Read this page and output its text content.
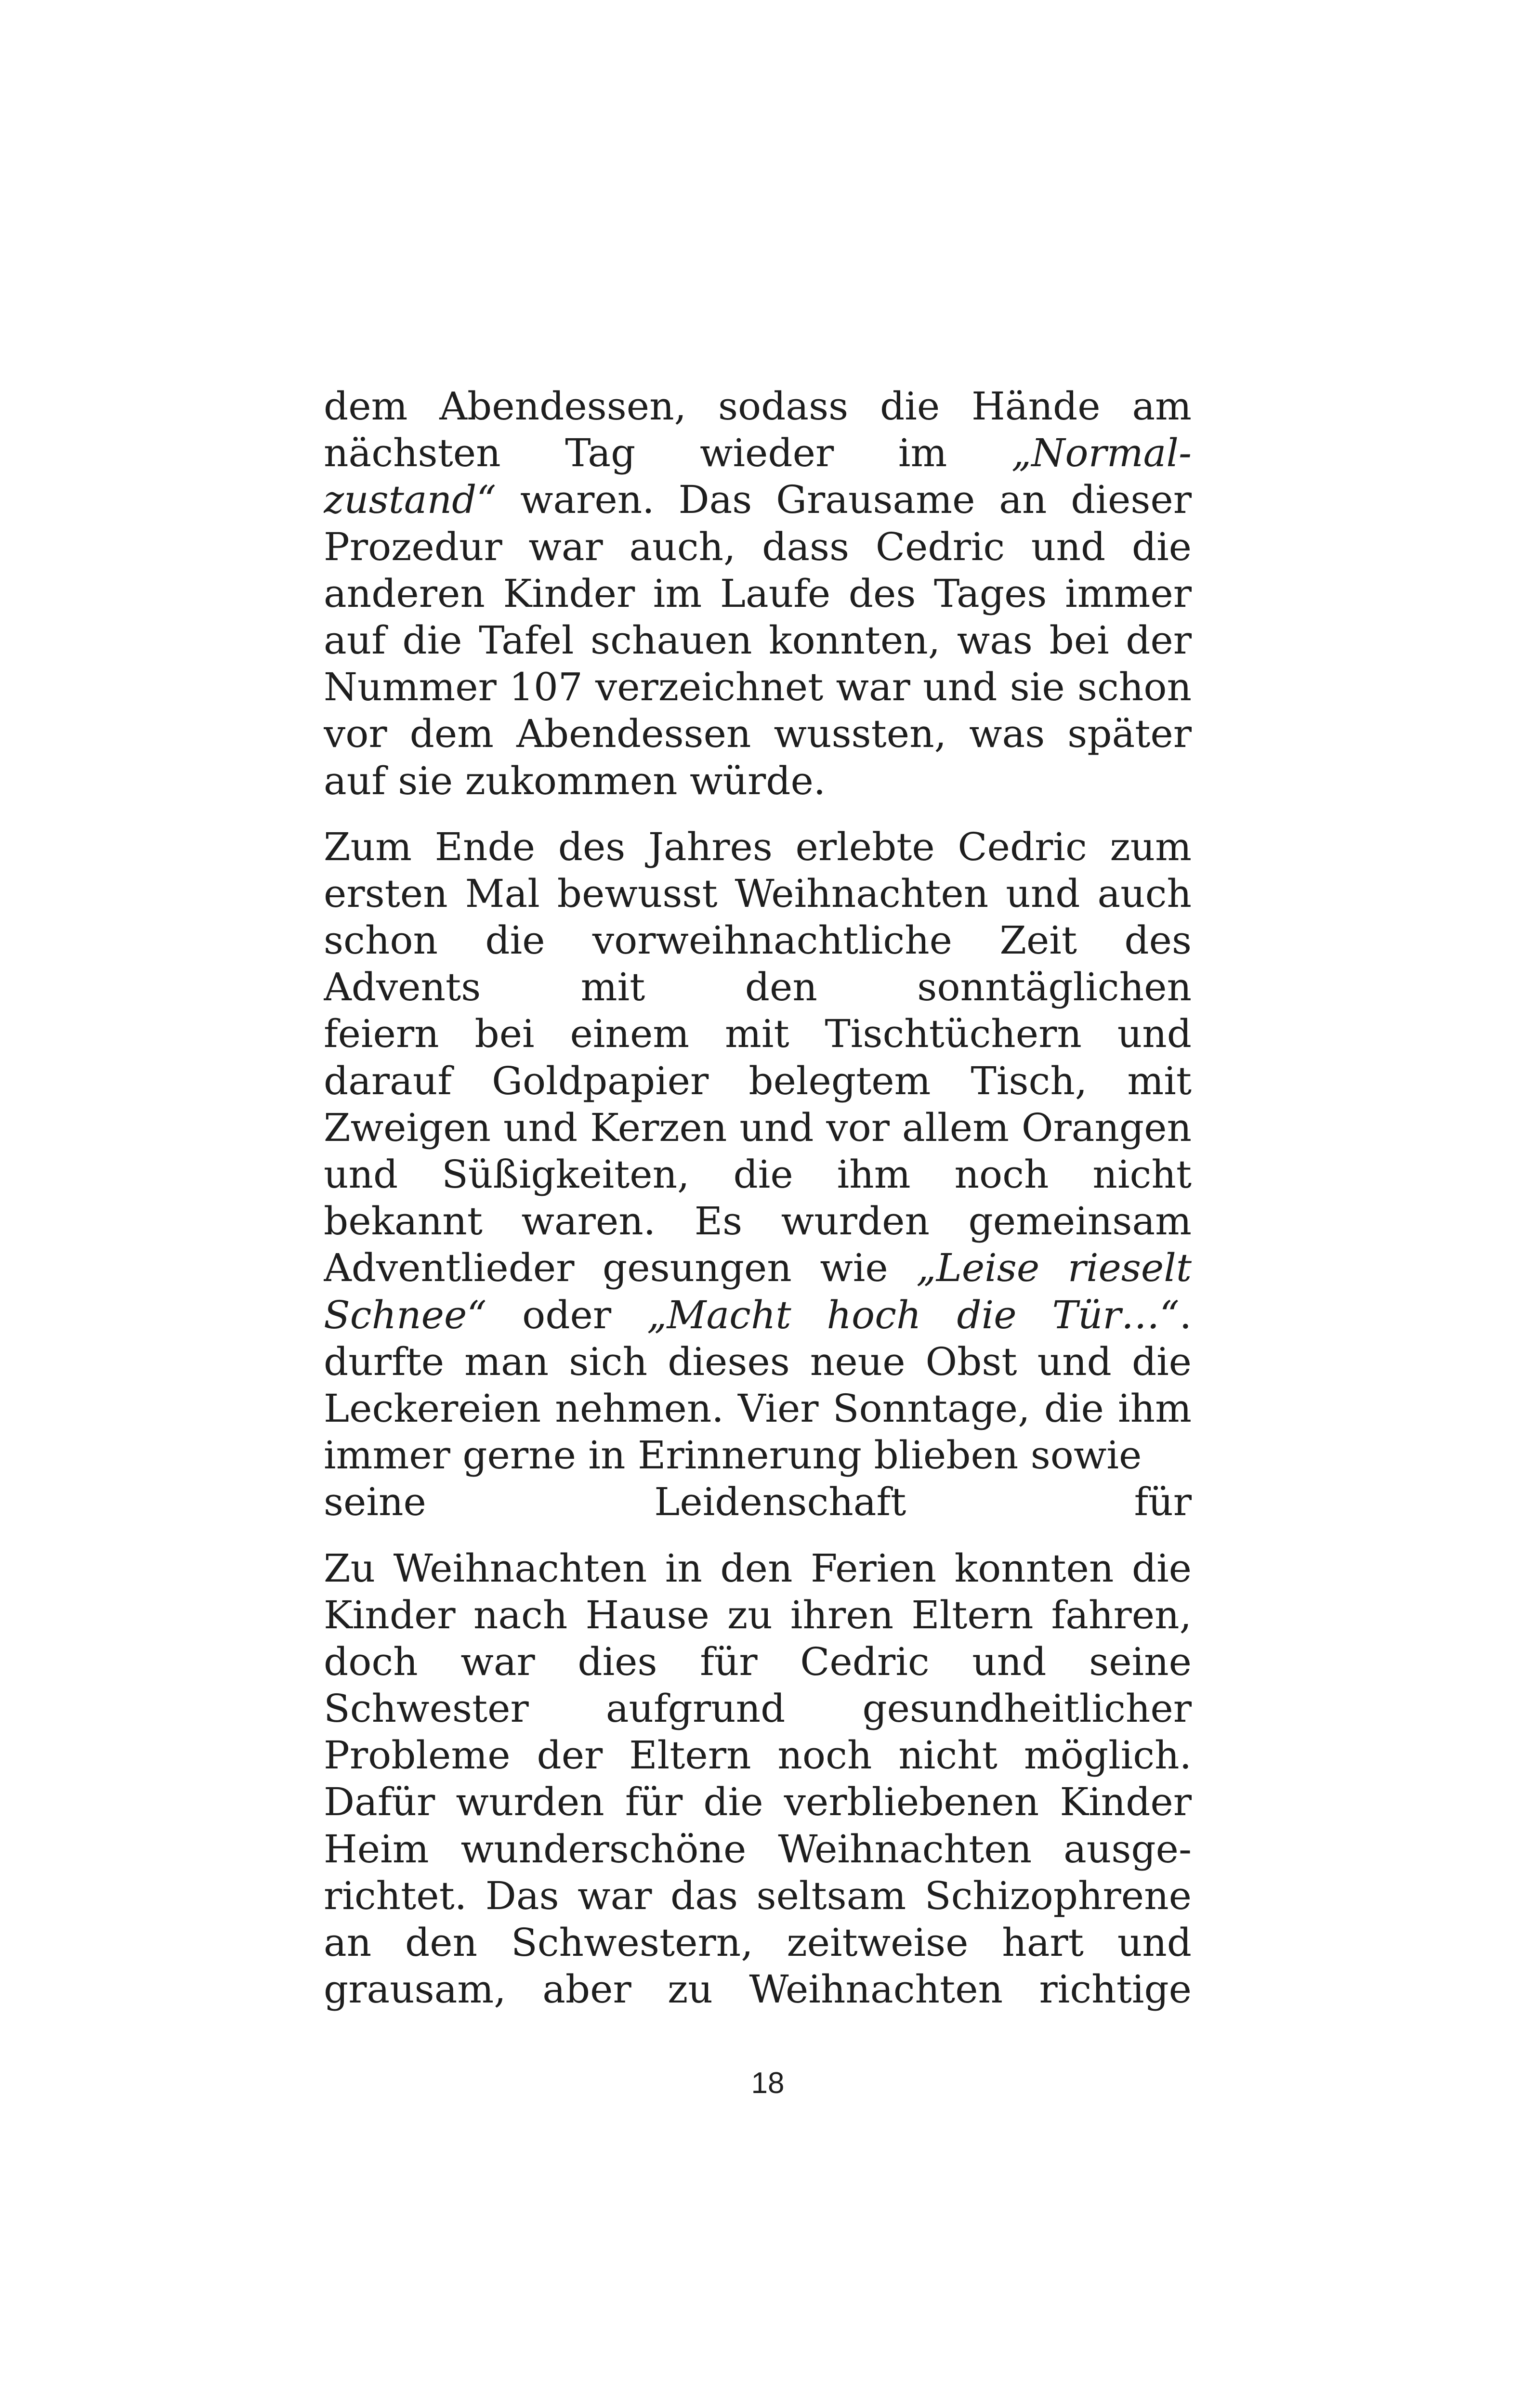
dem Abendessen, sodass die Hände am
nächsten Tag wieder im „Normal-
zustand“ waren. Das Grausame an dieser
Prozedur war auch, dass Cedric und die
anderen Kinder im Laufe des Tages immer
auf die Tafel schauen konnten, was bei der
Nummer 107 verzeichnet war und sie schon
vor dem Abendessen wussten, was später
auf sie zukommen würde.
Zum Ende des Jahres erlebte Cedric zum
ersten Mal bewusst Weihnachten und auch
schon die vorweihnachtliche Zeit des
Advents mit den sonntäglichen
feiern bei einem mit Tischtüchern und
darauf Goldpapier belegtem Tisch, mit
Zweigen und Kerzen und vor allem Orangen
und Süßigkeiten, die ihm noch nicht
bekannt waren. Es wurden gemeinsam
Adventlieder gesungen wie „Leise rieselt
Schnee“ oder „Macht hoch die Tür…“.
durfte man sich dieses neue Obst und die
Leckereien nehmen. Vier Sonntage, die ihm
immer gerne in Erinnerung blieben sowie
seine Leidenschaft für
Zu Weihnachten in den Ferien konnten die
Kinder nach Hause zu ihren Eltern fahren,
doch war dies für Cedric und seine
Schwester aufgrund gesundheitlicher
Probleme der Eltern noch nicht möglich.
Dafür wurden für die verbliebenen Kinder
Heim wunderschöne Weihnachten ausge-
richtet. Das war das seltsam Schizophrene
an den Schwestern, zeitweise hart und
grausam, aber zu Weihnachten richtige
18
